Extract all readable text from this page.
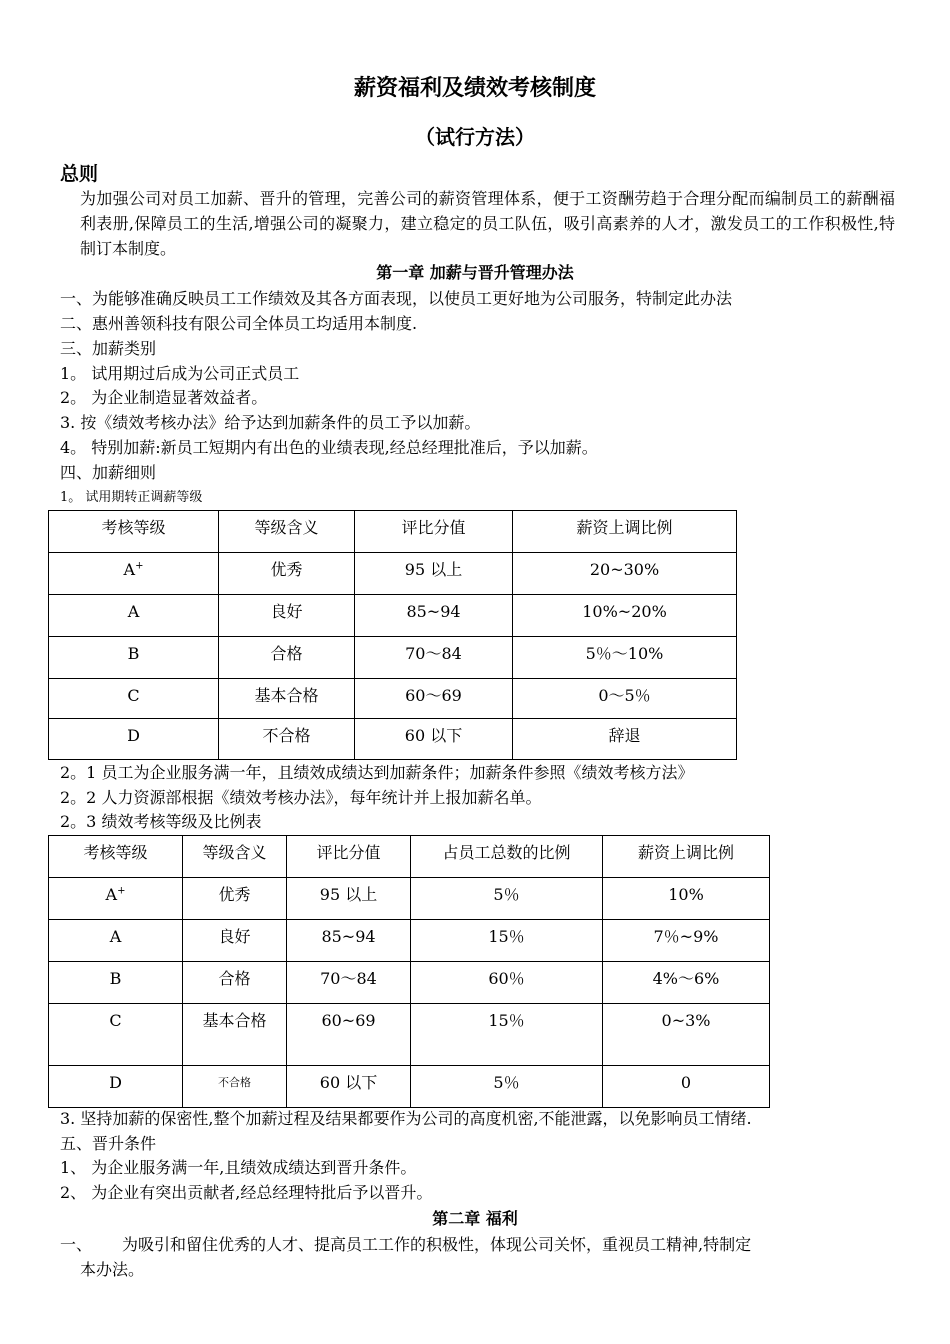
薪资福利及绩效考核制度
（试行方法）
总则

为加强公司对员工加薪、晋升的管理，完善公司的薪资管理体系，便于工资酬劳趋于合理分配而编制员工的薪酬福利表册,保障员工的生活,增强公司的凝聚力，建立稳定的员工队伍，吸引高素养的人才，激发员工的工作积极性,特制订本制度。

第一章 加薪与晋升管理办法
一、为能够准确反映员工工作绩效及其各方面表现，以使员工更好地为公司服务，特制定此办法
二、惠州善领科技有限公司全体员工均适用本制度.
三、加薪类别
1。 试用期过后成为公司正式员工
2。 为企业制造显著效益者。
3. 按《绩效考核办法》给予达到加薪条件的员工予以加薪。
4。 特别加薪:新员工短期内有出色的业绩表现,经总经理批准后，予以加薪。
四、加薪细则
1。 试用期转正调薪等级
考核等级	等级含义	评比分值	薪资上调比例

A+	优秀	95 以上	20~30%

A	良好	85~94	10%~20%

B	合格	70～84	5％～10%

C	基本合格	60～69	0～5％

D	不合格	60 以下	辞退
2。1 员工为企业服务满一年，且绩效成绩达到加薪条件；加薪条件参照《绩效考核方法》
2。2 人力资源部根据《绩效考核办法》，每年统计并上报加薪名单。
2。3 绩效考核等级及比例表
考核等级	等级含义	评比分值	占员工总数的比例	薪资上调比例

A+	优秀	95 以上	5％	10%

A	良好	85~94	15％	7％~9%

B	合格	70～84	60％	4%～6%

C	基本合格	60~69	15％	0~3%

D	不合格	60 以下	5％	0
3. 坚持加薪的保密性,整个加薪过程及结果都要作为公司的高度机密,不能泄露，以免影响员工情绪.
五、晋升条件
1、 为企业服务满一年,且绩效成绩达到晋升条件。
2、 为企业有突出贡献者,经总经理特批后予以晋升。
第二章 福利
一、 为吸引和留住优秀的人才、提高员工工作的积极性，体现公司关怀，重视员工精神,特制定
本办法。
